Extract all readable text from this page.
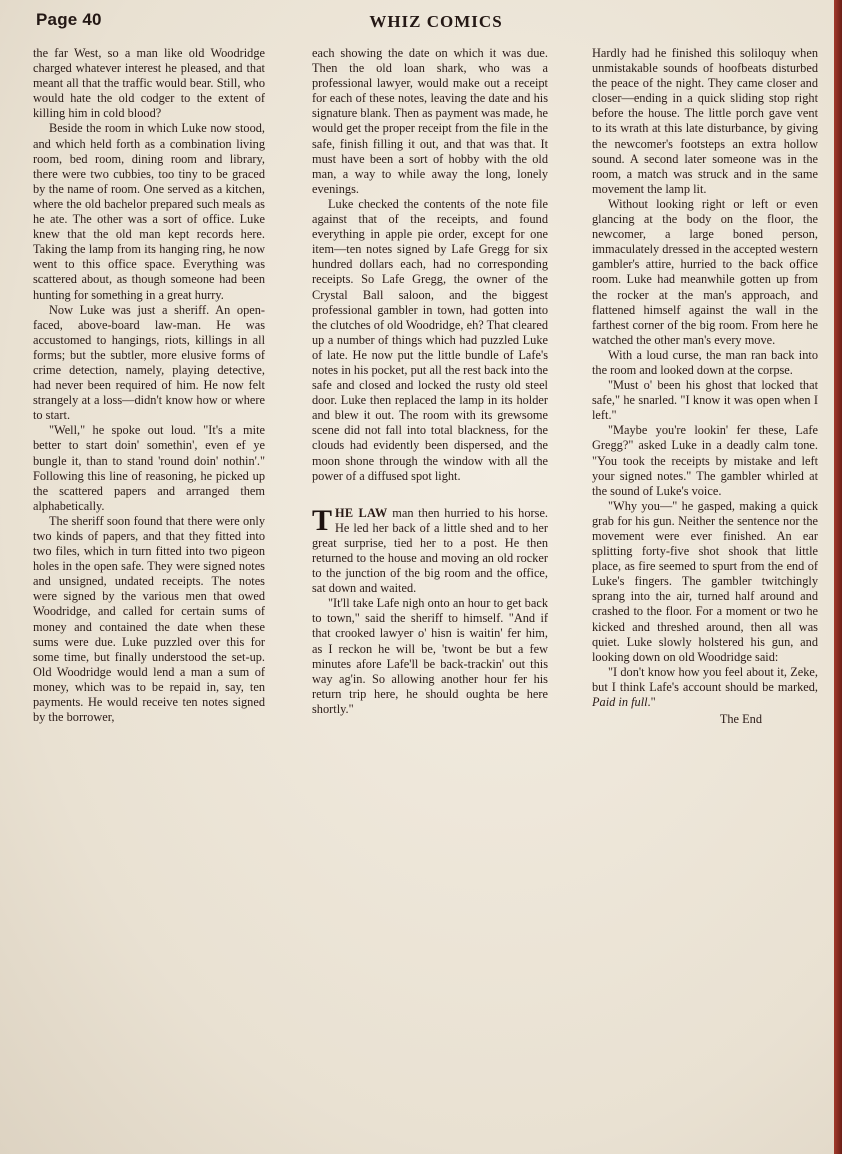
Page 40	WHIZ COMICS

the far West, so a man like old Woodridge charged whatever interest he pleased, and that meant all that the traffic would bear. Still, who would hate the old codger to the extent of killing him in cold blood?

Beside the room in which Luke now stood, and which held forth as a combination living room, bed room, dining room and library, there were two cubbies, too tiny to be graced by the name of room. One served as a kitchen, where the old bachelor prepared such meals as he ate. The other was a sort of office. Luke knew that the old man kept records here. Taking the lamp from its hanging ring, he now went to this office space. Everything was scattered about, as though someone had been hunting for something in a great hurry.

Now Luke was just a sheriff. An open-faced, above-board law-man. He was accustomed to hangings, riots, killings in all forms; but the subtler, more elusive forms of crime detection, namely, playing detective, had never been required of him. He now felt strangely at a loss—didn't know how or where to start.

"Well," he spoke out loud. "It's a mite better to start doin' somethin', even ef ye bungle it, than to stand 'round doin' nothin'." Following this line of reasoning, he picked up the scattered papers and arranged them alphabetically.

The sheriff soon found that there were only two kinds of papers, and that they fitted into two files, which in turn fitted into two pigeon holes in the open safe. They were signed notes and unsigned, undated receipts. The notes were signed by the various men that owed Woodridge, and called for certain sums of money and contained the date when these sums were due. Luke puzzled over this for some time, but finally understood the set-up. Old Woodridge would lend a man a sum of money, which was to be repaid in, say, ten payments. He would receive ten notes signed by the borrower,

each showing the date on which it was due. Then the old loan shark, who was a professional lawyer, would make out a receipt for each of these notes, leaving the date and his signature blank. Then as payment was made, he would get the proper receipt from the file in the safe, finish filling it out, and that was that. It must have been a sort of hobby with the old man, a way to while away the long, lonely evenings.

Luke checked the contents of the note file against that of the receipts, and found everything in apple pie order, except for one item—ten notes signed by Lafe Gregg for six hundred dollars each, had no corresponding receipts. So Lafe Gregg, the owner of the Crystal Ball saloon, and the biggest professional gambler in town, had gotten into the clutches of old Woodridge, eh? That cleared up a number of things which had puzzled Luke of late. He now put the little bundle of Lafe's notes in his pocket, put all the rest back into the safe and closed and locked the rusty old steel door. Luke then replaced the lamp in its holder and blew it out. The room with its grewsome scene did not fall into total blackness, for the clouds had evidently been dispersed, and the moon shone through the window with all the power of a diffused spot light.

THE LAW man then hurried to his horse. He led her back of a little shed and to her great surprise, tied her to a post. He then returned to the house and moving an old rocker to the junction of the big room and the office, sat down and waited.

"It'll take Lafe nigh onto an hour to get back to town," said the sheriff to himself. "And if that crooked lawyer o' hisn is waitin' fer him, as I reckon he will be, 'twont be but a few minutes afore Lafe'll be back-trackin' out this way ag'in. So allowing another hour fer his return trip here, he should oughta be here shortly."

Hardly had he finished this soliloquy when unmistakable sounds of hoofbeats disturbed the peace of the night. They came closer and closer—ending in a quick sliding stop right before the house. The little porch gave vent to its wrath at this late disturbance, by giving the newcomer's footsteps an extra hollow sound. A second later someone was in the room, a match was struck and in the same movement the lamp lit.

Without looking right or left or even glancing at the body on the floor, the newcomer, a large boned person, immaculately dressed in the accepted western gambler's attire, hurried to the back office room. Luke had meanwhile gotten up from the rocker at the man's approach, and flattened himself against the wall in the farthest corner of the big room. From here he watched the other man's every move.

With a loud curse, the man ran back into the room and looked down at the corpse.

"Must o' been his ghost that locked that safe," he snarled. "I know it was open when I left."

"Maybe you're lookin' fer these, Lafe Gregg?" asked Luke in a deadly calm tone. "You took the receipts by mistake and left your signed notes." The gambler whirled at the sound of Luke's voice.

"Why you—" he gasped, making a quick grab for his gun. Neither the sentence nor the movement were ever finished. An ear splitting forty-five shot shook that little place, as fire seemed to spurt from the end of Luke's fingers. The gambler twitchingly sprang into the air, turned half around and crashed to the floor. For a moment or two he kicked and threshed around, then all was quiet. Luke slowly holstered his gun, and looking down on old Woodridge said:

"I don't know how you feel about it, Zeke, but I think Lafe's account should be marked, Paid in full."

The End
